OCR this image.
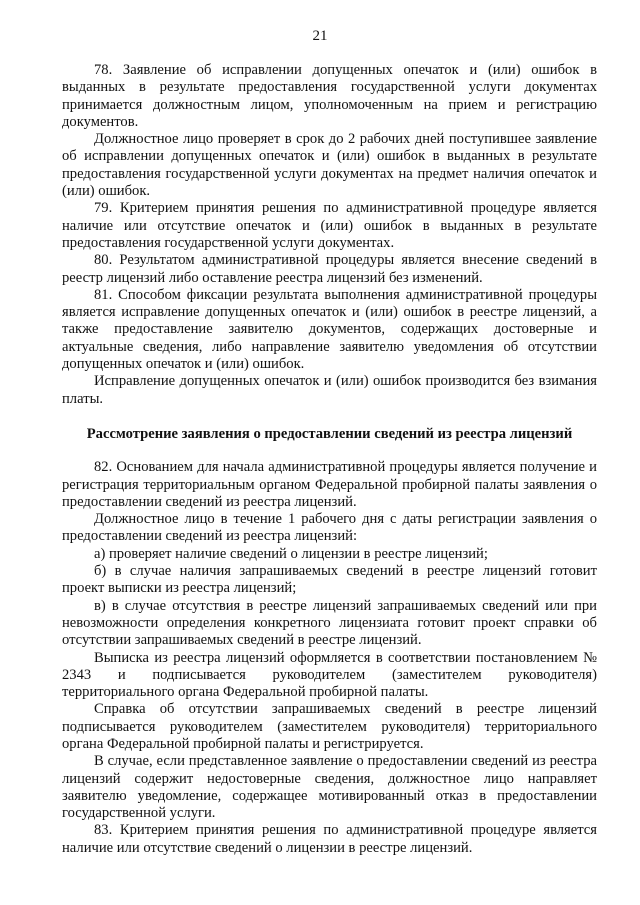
21

78. Заявление об исправлении допущенных опечаток и (или) ошибок в выданных в результате предоставления государственной услуги документах принимается должностным лицом, уполномоченным на прием и регистрацию документов.

Должностное лицо проверяет в срок до 2 рабочих дней поступившее заявление об исправлении допущенных опечаток и (или) ошибок в выданных в результате предоставления государственной услуги документах на предмет наличия опечаток и (или) ошибок.

79. Критерием принятия решения по административной процедуре является наличие или отсутствие опечаток и (или) ошибок в выданных в результате предоставления государственной услуги документах.

80. Результатом административной процедуры является внесение сведений в реестр лицензий либо оставление реестра лицензий без изменений.

81. Способом фиксации результата выполнения административной процедуры является исправление допущенных опечаток и (или) ошибок в реестре лицензий, а также предоставление заявителю документов, содержащих достоверные и актуальные сведения, либо направление заявителю уведомления об отсутствии допущенных опечаток и (или) ошибок.

Исправление допущенных опечаток и (или) ошибок производится без взимания платы.

Рассмотрение заявления о предоставлении сведений из реестра лицензий

82. Основанием для начала административной процедуры является получение и регистрация территориальным органом Федеральной пробирной палаты заявления о предоставлении сведений из реестра лицензий.

Должностное лицо в течение 1 рабочего дня с даты регистрации заявления о предоставлении сведений из реестра лицензий:

а) проверяет наличие сведений о лицензии в реестре лицензий;

б) в случае наличия запрашиваемых сведений в реестре лицензий готовит проект выписки из реестра лицензий;

в) в случае отсутствия в реестре лицензий запрашиваемых сведений или при невозможности определения конкретного лицензиата готовит проект справки об отсутствии запрашиваемых сведений в реестре лицензий.

Выписка из реестра лицензий оформляется в соответствии постановлением № 2343 и подписывается руководителем (заместителем руководителя) территориального органа Федеральной пробирной палаты.

Справка об отсутствии запрашиваемых сведений в реестре лицензий подписывается руководителем (заместителем руководителя) территориального органа Федеральной пробирной палаты и регистрируется.

В случае, если представленное заявление о предоставлении сведений из реестра лицензий содержит недостоверные сведения, должностное лицо направляет заявителю уведомление, содержащее мотивированный отказ в предоставлении государственной услуги.

83. Критерием принятия решения по административной процедуре является наличие или отсутствие сведений о лицензии в реестре лицензий.
